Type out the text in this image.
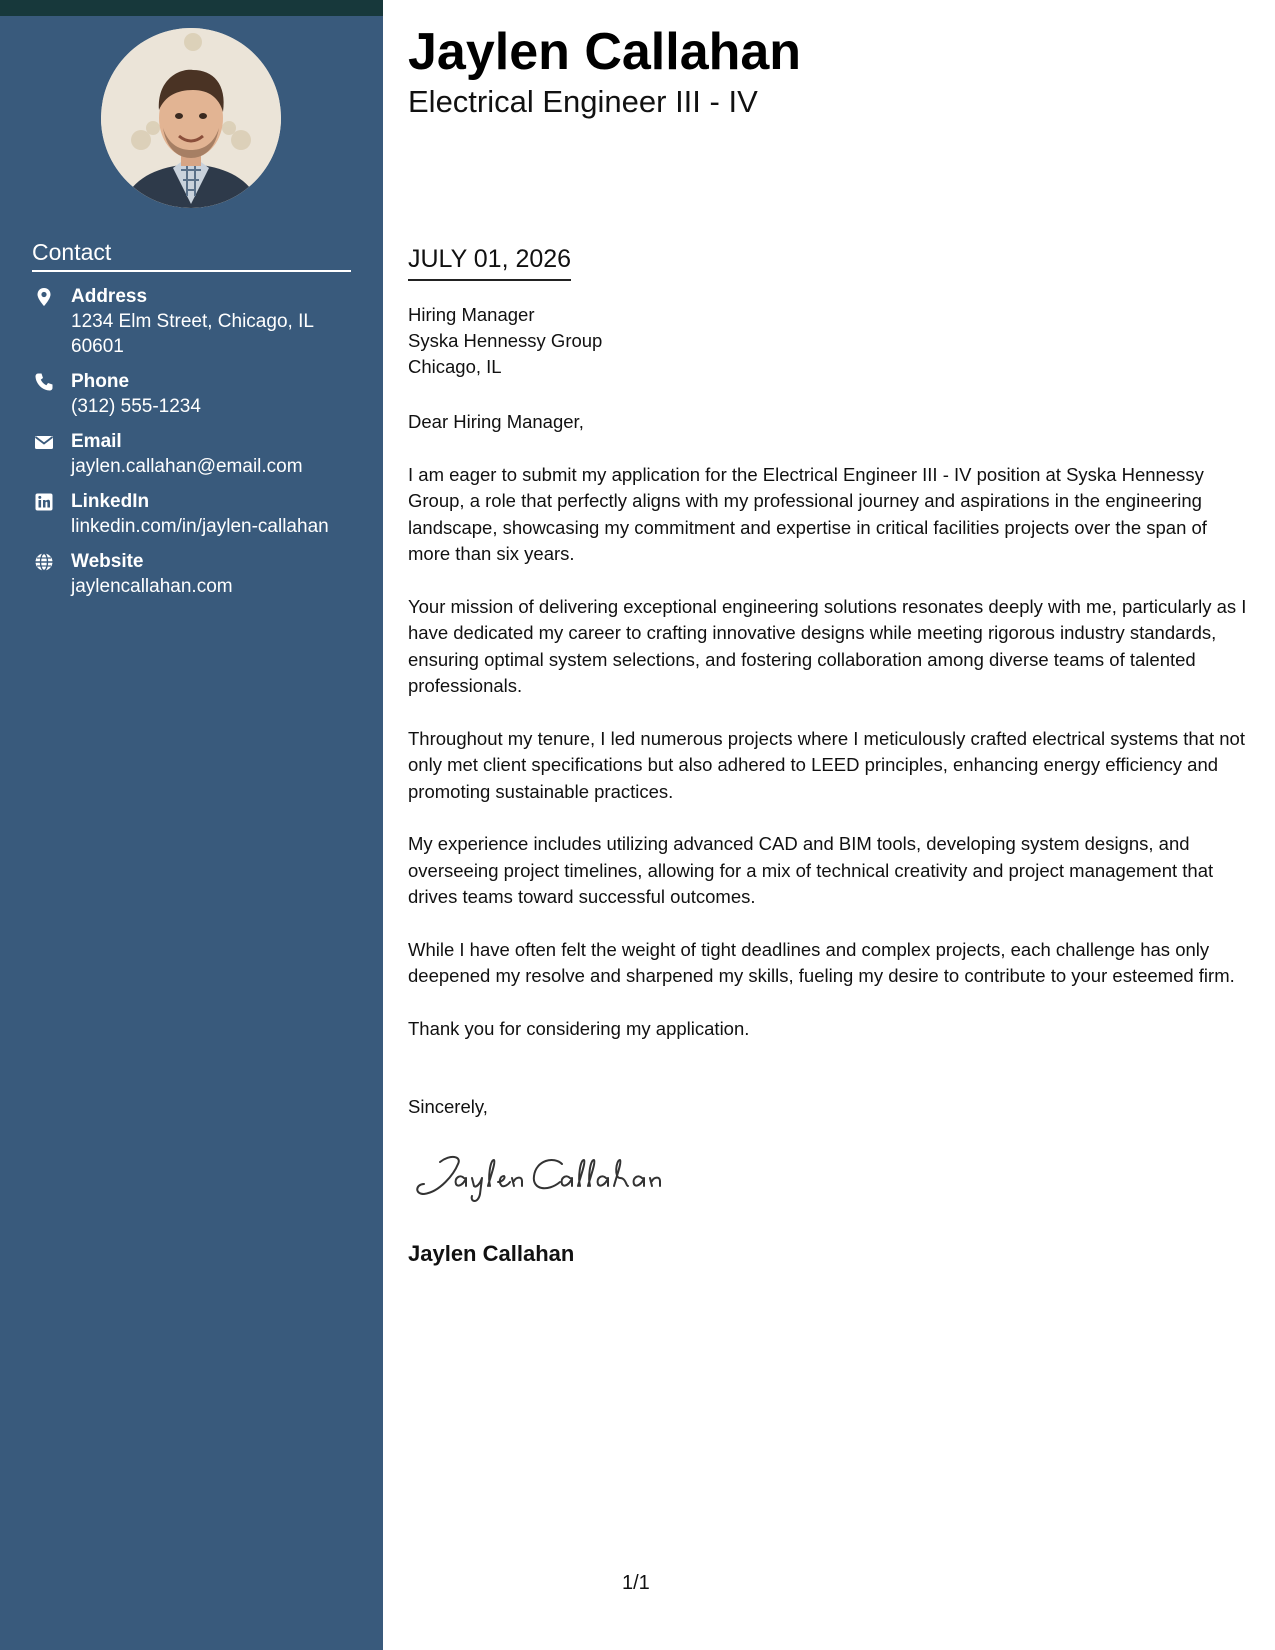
Contact
Address
1234 Elm Street, Chicago, IL 60601
Phone
(312) 555-1234
Email
jaylen.callahan@email.com
LinkedIn
linkedin.com/in/jaylen-callahan
Website
jaylencallahan.com
Jaylen Callahan
Electrical Engineer III - IV
JULY 01, 2026
Hiring Manager
Syska Hennessy Group
Chicago, IL

Dear Hiring Manager,

I am eager to submit my application for the Electrical Engineer III - IV position at Syska Hennessy Group, a role that perfectly aligns with my professional journey and aspirations in the engineering landscape, showcasing my commitment and expertise in critical facilities projects over the span of more than six years.

Your mission of delivering exceptional engineering solutions resonates deeply with me, particularly as I have dedicated my career to crafting innovative designs while meeting rigorous industry standards, ensuring optimal system selections, and fostering collaboration among diverse teams of talented professionals.

Throughout my tenure, I led numerous projects where I meticulously crafted electrical systems that not only met client specifications but also adhered to LEED principles, enhancing energy efficiency and promoting sustainable practices.

My experience includes utilizing advanced CAD and BIM tools, developing system designs, and overseeing project timelines, allowing for a mix of technical creativity and project management that drives teams toward successful outcomes.

While I have often felt the weight of tight deadlines and complex projects, each challenge has only deepened my resolve and sharpened my skills, fueling my desire to contribute to your esteemed firm.

Thank you for considering my application.

Sincerely,
Jaylen Callahan
1/1
